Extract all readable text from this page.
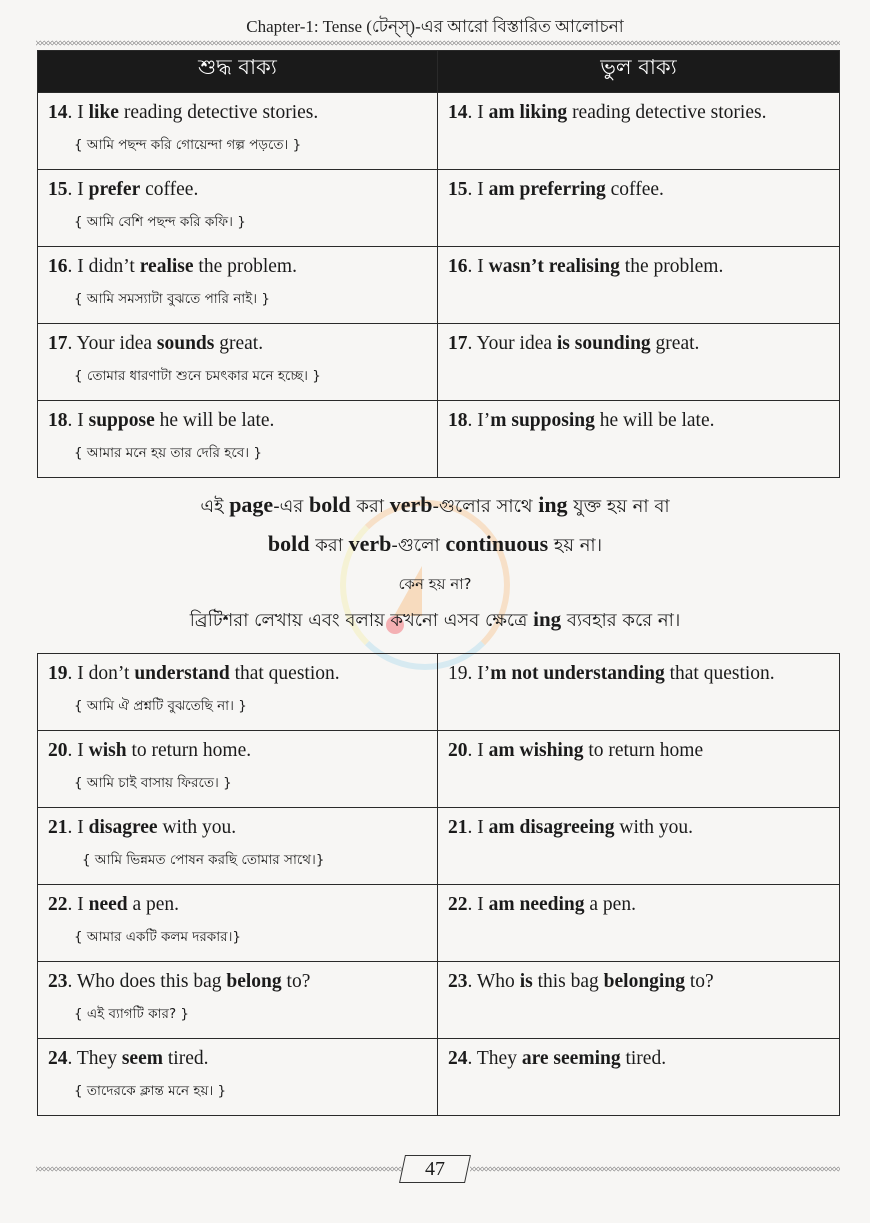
Chapter-1: Tense (টেন্স্)-এর আরো বিস্তারিত আলোচনা
শুদ্ধ বাক্য	ভুল বাক্য

14. I like reading detective stories.
{ আমি পছন্দ করি গোয়েন্দা গল্প পড়তে। }	14. I am liking reading detective stories.

15. I prefer coffee.
{ আমি বেশি পছন্দ করি কফি। }	15. I am preferring coffee.

16. I didn’t realise the problem.
{ আমি সমস্যাটা বুঝতে পারি নাই। }	16. I wasn’t realising the problem.

17. Your idea sounds great.
{ তোমার ধারণাটা শুনে চমৎকার মনে হচ্ছে। }	17. Your idea is sounding great.

18. I suppose he will be late.
{ আমার মনে হয় তার দেরি হবে। }	18. I’m supposing he will be late.
এই page-এর bold করা verb-গুলোর সাথে ing যুক্ত হয় না বা
bold করা verb-গুলো continuous হয় না।
কেন হয় না?
ব্রিটিশরা লেখায় এবং বলায় কখনো এসব ক্ষেত্রে ing ব্যবহার করে না।
19. I don’t understand that question.
{ আমি ঐ প্রশ্নটি বুঝতেছি না। }	19. I’m not understanding that question.

20. I wish to return home.
{ আমি চাই বাসায় ফিরতে। }	20. I am wishing to return home

21. I disagree with you.
{ আমি ভিন্নমত পোষন করছি তোমার সাথে।}	21. I am disagreeing with you.

22. I need a pen.
{ আমার একটি কলম দরকার।}	22. I am needing a pen.

23. Who does this bag belong to?
{ এই ব্যাগটি কার? }	23. Who is this bag belonging to?

24. They seem tired.
{ তাদেরকে ক্লান্ত মনে হয়। }	24. They are seeming tired.
47
